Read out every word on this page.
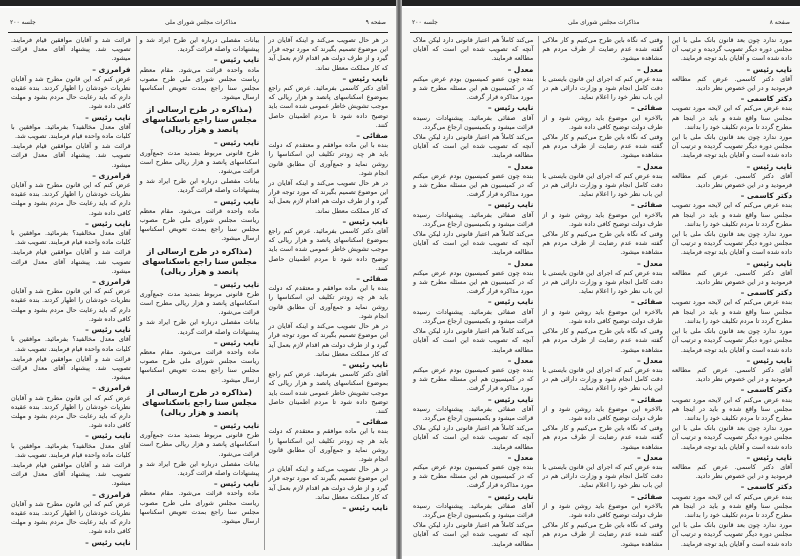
صفحه ۹
مذاکرات مجلس شورای ملی
جلسه ۲۰۰

در هر حال تصویب می‌کند و اینکه آقایان در این موضوع تصمیم بگیرند که مورد توجه قرار گیرد و از طرف دولت هم اقدام لازم بعمل آید که کار مملکت معطل نماند.

نایب رئیس –

آقای دکتر کاسمی بفرمائید. عرض کنم راجع بموضوع اسکناسهای پانصد و هزار ریالی که موجب تشویش خاطر عمومی شده است باید توضیح داده شود تا مردم اطمینان حاصل کنند.

صفائی –

بنده با این ماده موافقم و معتقدم که دولت باید هر چه زودتر تکلیف این اسکناسها را روشن نماید و جمع‌آوری آن مطابق قانون انجام شود.

در هر حال تصویب می‌کند و اینکه آقایان در این موضوع تصمیم بگیرند که مورد توجه قرار گیرد و از طرف دولت هم اقدام لازم بعمل آید که کار مملکت معطل نماند.

نایب رئیس –

آقای دکتر کاسمی بفرمائید. عرض کنم راجع بموضوع اسکناسهای پانصد و هزار ریالی که موجب تشویش خاطر عمومی شده است باید توضیح داده شود تا مردم اطمینان حاصل کنند.

صفائی –

بنده با این ماده موافقم و معتقدم که دولت باید هر چه زودتر تکلیف این اسکناسها را روشن نماید و جمع‌آوری آن مطابق قانون انجام شود.

در هر حال تصویب می‌کند و اینکه آقایان در این موضوع تصمیم بگیرند که مورد توجه قرار گیرد و از طرف دولت هم اقدام لازم بعمل آید که کار مملکت معطل نماند.

نایب رئیس –

آقای دکتر کاسمی بفرمائید. عرض کنم راجع بموضوع اسکناسهای پانصد و هزار ریالی که موجب تشویش خاطر عمومی شده است باید توضیح داده شود تا مردم اطمینان حاصل کنند.

صفائی –

بنده با این ماده موافقم و معتقدم که دولت باید هر چه زودتر تکلیف این اسکناسها را روشن نماید و جمع‌آوری آن مطابق قانون انجام شود.

در هر حال تصویب می‌کند و اینکه آقایان در این موضوع تصمیم بگیرند که مورد توجه قرار گیرد و از طرف دولت هم اقدام لازم بعمل آید که کار مملکت معطل نماند.

نایب رئیس –

بیانات مفصلی درباره این طرح ایراد شد و پیشنهادات واصله قرائت گردید.

نایب رئیس –

ماده واحده قرائت می‌شود. مقام معظم ریاست مجلس شورای ملی طرح مصوب مجلس سنا راجع بمدت تعویض اسکناسها ارسال میشود.

(مذاکره در طرح ارسالی از مجلس سنا راجع باسکناسهای پانصد و هزار ریالی)

نایب رئیس –

طرح قانونی مربوط بتمدید مدت جمع‌آوری اسکناسهای پانصد و هزار ریالی مطرح است قرائت می‌شود.

بیانات مفصلی درباره این طرح ایراد شد و پیشنهادات واصله قرائت گردید.

نایب رئیس –

ماده واحده قرائت می‌شود. مقام معظم ریاست مجلس شورای ملی طرح مصوب مجلس سنا راجع بمدت تعویض اسکناسها ارسال میشود.

(مذاکره در طرح ارسالی از مجلس سنا راجع باسکناسهای پانصد و هزار ریالی)

نایب رئیس –

طرح قانونی مربوط بتمدید مدت جمع‌آوری اسکناسهای پانصد و هزار ریالی مطرح است قرائت می‌شود.

بیانات مفصلی درباره این طرح ایراد شد و پیشنهادات واصله قرائت گردید.

نایب رئیس –

ماده واحده قرائت می‌شود. مقام معظم ریاست مجلس شورای ملی طرح مصوب مجلس سنا راجع بمدت تعویض اسکناسها ارسال میشود.

(مذاکره در طرح ارسالی از مجلس سنا راجع باسکناسهای پانصد و هزار ریالی)

نایب رئیس –

طرح قانونی مربوط بتمدید مدت جمع‌آوری اسکناسهای پانصد و هزار ریالی مطرح است قرائت می‌شود.

بیانات مفصلی درباره این طرح ایراد شد و پیشنهادات واصله قرائت گردید.

نایب رئیس –

ماده واحده قرائت می‌شود. مقام معظم ریاست مجلس شورای ملی طرح مصوب مجلس سنا راجع بمدت تعویض اسکناسها ارسال میشود.

قرائت شد و آقایان موافقین قیام فرمایند. تصویب شد. پیشنهاد آقای معدل قرائت میشود.

فرامرزی –

عرض کنم که این قانون مطرح شد و آقایان نظریات خودشان را اظهار کردند. بنده عقیده دارم که باید رعایت حال مردم بشود و مهلت کافی داده شود.

نایب رئیس –

آقای معدل مخالفید؟ بفرمائید. موافقین با کلیات ماده واحده قیام فرمایند. تصویب شد.

قرائت شد و آقایان موافقین قیام فرمایند. تصویب شد. پیشنهاد آقای معدل قرائت میشود.

فرامرزی –

عرض کنم که این قانون مطرح شد و آقایان نظریات خودشان را اظهار کردند. بنده عقیده دارم که باید رعایت حال مردم بشود و مهلت کافی داده شود.

نایب رئیس –

آقای معدل مخالفید؟ بفرمائید. موافقین با کلیات ماده واحده قیام فرمایند. تصویب شد.

قرائت شد و آقایان موافقین قیام فرمایند. تصویب شد. پیشنهاد آقای معدل قرائت میشود.

فرامرزی –

عرض کنم که این قانون مطرح شد و آقایان نظریات خودشان را اظهار کردند. بنده عقیده دارم که باید رعایت حال مردم بشود و مهلت کافی داده شود.

نایب رئیس –

آقای معدل مخالفید؟ بفرمائید. موافقین با کلیات ماده واحده قیام فرمایند. تصویب شد.

قرائت شد و آقایان موافقین قیام فرمایند. تصویب شد. پیشنهاد آقای معدل قرائت میشود.

فرامرزی –

عرض کنم که این قانون مطرح شد و آقایان نظریات خودشان را اظهار کردند. بنده عقیده دارم که باید رعایت حال مردم بشود و مهلت کافی داده شود.

نایب رئیس –

آقای معدل مخالفید؟ بفرمائید. موافقین با کلیات ماده واحده قیام فرمایند. تصویب شد.

قرائت شد و آقایان موافقین قیام فرمایند. تصویب شد. پیشنهاد آقای معدل قرائت میشود.

فرامرزی –

عرض کنم که این قانون مطرح شد و آقایان نظریات خودشان را اظهار کردند. بنده عقیده دارم که باید رعایت حال مردم بشود و مهلت کافی داده شود.

نایب رئیس –

صفحه ۸
مذاکرات مجلس شورای ملی
جلسه ۲۰۰

مورد ندارد چون بعد قانون بانک ملی با این مجلس دوره دیگر تصویب گردیده و ترتیب آن داده شده است و آقایان باید توجه فرمایند.

نایب رئیس –

آقای دکتر کاسمی. عرض کنم مطالعه فرمودید و در این خصوص نظر دادید.

دکتر کاسمی –

بنده عرض می‌کنم که این لایحه مورد تصویب مجلس سنا واقع شده و باید در اینجا هم مطرح گردد تا مردم تکلیف خود را بدانند.

مورد ندارد چون بعد قانون بانک ملی با این مجلس دوره دیگر تصویب گردیده و ترتیب آن داده شده است و آقایان باید توجه فرمایند.

نایب رئیس –

آقای دکتر کاسمی. عرض کنم مطالعه فرمودید و در این خصوص نظر دادید.

دکتر کاسمی –

بنده عرض می‌کنم که این لایحه مورد تصویب مجلس سنا واقع شده و باید در اینجا هم مطرح گردد تا مردم تکلیف خود را بدانند.

مورد ندارد چون بعد قانون بانک ملی با این مجلس دوره دیگر تصویب گردیده و ترتیب آن داده شده است و آقایان باید توجه فرمایند.

نایب رئیس –

آقای دکتر کاسمی. عرض کنم مطالعه فرمودید و در این خصوص نظر دادید.

دکتر کاسمی –

بنده عرض می‌کنم که این لایحه مورد تصویب مجلس سنا واقع شده و باید در اینجا هم مطرح گردد تا مردم تکلیف خود را بدانند.

مورد ندارد چون بعد قانون بانک ملی با این مجلس دوره دیگر تصویب گردیده و ترتیب آن داده شده است و آقایان باید توجه فرمایند.

نایب رئیس –

آقای دکتر کاسمی. عرض کنم مطالعه فرمودید و در این خصوص نظر دادید.

دکتر کاسمی –

بنده عرض می‌کنم که این لایحه مورد تصویب مجلس سنا واقع شده و باید در اینجا هم مطرح گردد تا مردم تکلیف خود را بدانند.

مورد ندارد چون بعد قانون بانک ملی با این مجلس دوره دیگر تصویب گردیده و ترتیب آن داده شده است و آقایان باید توجه فرمایند.

نایب رئیس –

آقای دکتر کاسمی. عرض کنم مطالعه فرمودید و در این خصوص نظر دادید.

دکتر کاسمی –

بنده عرض می‌کنم که این لایحه مورد تصویب مجلس سنا واقع شده و باید در اینجا هم مطرح گردد تا مردم تکلیف خود را بدانند.

مورد ندارد چون بعد قانون بانک ملی با این مجلس دوره دیگر تصویب گردیده و ترتیب آن داده شده است و آقایان باید توجه فرمایند.

وقتی که نگاه باین طرح می‌کنیم و کار ملاکی گفته شده عدم رضایت از طرف مردم هم مشاهده میشود.

معدل –

بنده عرض کنم که اجرای این قانون بایستی با دقت کامل انجام شود و وزارت دارائی هم در این باب نظر خود را اعلام نماید.

صفائی –

بالاخره این موضوع باید روشن شود و از طرف دولت توضیح کافی داده شود.

وقتی که نگاه باین طرح می‌کنیم و کار ملاکی گفته شده عدم رضایت از طرف مردم هم مشاهده میشود.

معدل –

بنده عرض کنم که اجرای این قانون بایستی با دقت کامل انجام شود و وزارت دارائی هم در این باب نظر خود را اعلام نماید.

صفائی –

بالاخره این موضوع باید روشن شود و از طرف دولت توضیح کافی داده شود.

وقتی که نگاه باین طرح می‌کنیم و کار ملاکی گفته شده عدم رضایت از طرف مردم هم مشاهده میشود.

معدل –

بنده عرض کنم که اجرای این قانون بایستی با دقت کامل انجام شود و وزارت دارائی هم در این باب نظر خود را اعلام نماید.

صفائی –

بالاخره این موضوع باید روشن شود و از طرف دولت توضیح کافی داده شود.

وقتی که نگاه باین طرح می‌کنیم و کار ملاکی گفته شده عدم رضایت از طرف مردم هم مشاهده میشود.

معدل –

بنده عرض کنم که اجرای این قانون بایستی با دقت کامل انجام شود و وزارت دارائی هم در این باب نظر خود را اعلام نماید.

صفائی –

بالاخره این موضوع باید روشن شود و از طرف دولت توضیح کافی داده شود.

وقتی که نگاه باین طرح می‌کنیم و کار ملاکی گفته شده عدم رضایت از طرف مردم هم مشاهده میشود.

معدل –

بنده عرض کنم که اجرای این قانون بایستی با دقت کامل انجام شود و وزارت دارائی هم در این باب نظر خود را اعلام نماید.

صفائی –

بالاخره این موضوع باید روشن شود و از طرف دولت توضیح کافی داده شود.

وقتی که نگاه باین طرح می‌کنیم و کار ملاکی گفته شده عدم رضایت از طرف مردم هم مشاهده میشود.

می‌کند کاملاً هم اعتبار قانونی دارد لیکن ملاک آنچه که تصویب شده این است که آقایان مطالعه فرمایند.

معدل –

بنده چون عضو کمیسیون بودم عرض میکنم که در کمیسیون هم این مسئله مطرح شد و مورد مذاکره قرار گرفت.

نایب رئیس –

آقای صفائی بفرمائید. پیشنهادات رسیده قرائت میشود و بکمیسیون ارجاع می‌گردد.

می‌کند کاملاً هم اعتبار قانونی دارد لیکن ملاک آنچه که تصویب شده این است که آقایان مطالعه فرمایند.

معدل –

بنده چون عضو کمیسیون بودم عرض میکنم که در کمیسیون هم این مسئله مطرح شد و مورد مذاکره قرار گرفت.

نایب رئیس –

آقای صفائی بفرمائید. پیشنهادات رسیده قرائت میشود و بکمیسیون ارجاع می‌گردد.

می‌کند کاملاً هم اعتبار قانونی دارد لیکن ملاک آنچه که تصویب شده این است که آقایان مطالعه فرمایند.

معدل –

بنده چون عضو کمیسیون بودم عرض میکنم که در کمیسیون هم این مسئله مطرح شد و مورد مذاکره قرار گرفت.

نایب رئیس –

آقای صفائی بفرمائید. پیشنهادات رسیده قرائت میشود و بکمیسیون ارجاع می‌گردد.

می‌کند کاملاً هم اعتبار قانونی دارد لیکن ملاک آنچه که تصویب شده این است که آقایان مطالعه فرمایند.

معدل –

بنده چون عضو کمیسیون بودم عرض میکنم که در کمیسیون هم این مسئله مطرح شد و مورد مذاکره قرار گرفت.

نایب رئیس –

آقای صفائی بفرمائید. پیشنهادات رسیده قرائت میشود و بکمیسیون ارجاع می‌گردد.

می‌کند کاملاً هم اعتبار قانونی دارد لیکن ملاک آنچه که تصویب شده این است که آقایان مطالعه فرمایند.

معدل –

بنده چون عضو کمیسیون بودم عرض میکنم که در کمیسیون هم این مسئله مطرح شد و مورد مذاکره قرار گرفت.

نایب رئیس –

آقای صفائی بفرمائید. پیشنهادات رسیده قرائت میشود و بکمیسیون ارجاع می‌گردد.

می‌کند کاملاً هم اعتبار قانونی دارد لیکن ملاک آنچه که تصویب شده این است که آقایان مطالعه فرمایند.
